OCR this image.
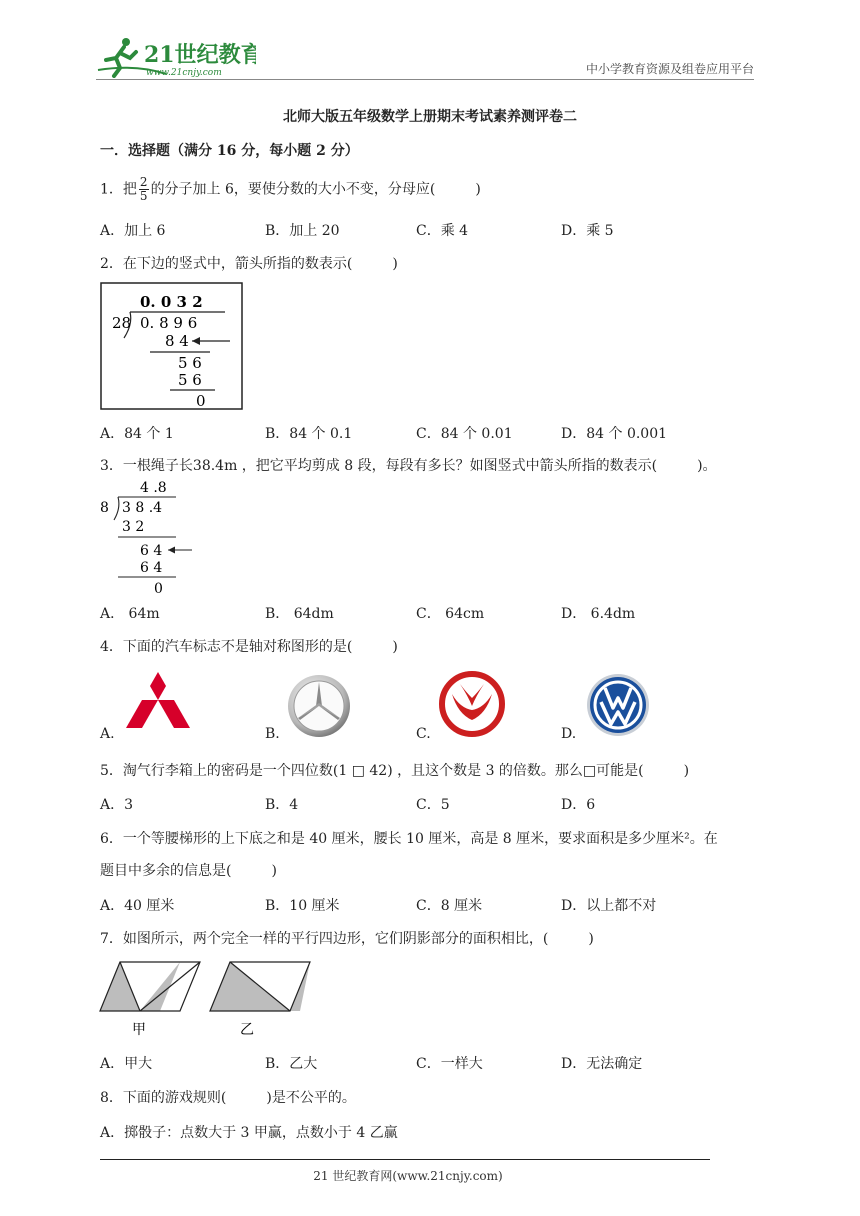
21世纪教育
www.21cnjy.com	中小学教育资源及组卷应用平台
北师大版五年级数学上册期末考试素养测评卷二
一．选择题（满分 16 分，每小题 2 分）
1．把 $\frac{2}{5}$ 的分子加上 6，要使分数的大小不变，分母应(	)
A．加上 6	B．加上 20	C．乘 4	D．乘 5
2．在下边的竖式中，箭头所指的数表示(	)
0. 0 3 2
28 0. 8 9 6
8 4
5 6
5 6
0
A．84 个 1	B．84 个 0.1	C．84 个 0.01	D．84 个 0.001
3．一根绳子长38.4m ，把它平均剪成 8 段，每段有多长？如图竖式中箭头所指的数表示(	)。
4 .8
8 3 8 .4
3 2
6 4
6 4
0
A． 64m	B． 64dm	C． 64cm	D． 6.4dm
4．下面的汽车标志不是轴对称图形的是(	)
A.	B.	C.	D.
5．淘气行李箱上的密码是一个四位数(1 □ 42) ，且这个数是 3 的倍数。那么□可能是(	)
A．3	B．4	C．5	D．6
6．一个等腰梯形的上下底之和是 40 厘米，腰长 10 厘米，高是 8 厘米，要求面积是多少厘米²。在
题目中多余的信息是(	)
A．40 厘米	B．10 厘米	C．8 厘米	D．以上都不对
7．如图所示，两个完全一样的平行四边形，它们阴影部分的面积相比，(	)
甲	乙
A．甲大	B．乙大	C．一样大	D．无法确定
8．下面的游戏规则(	)是不公平的。
A．掷骰子：点数大于 3 甲赢，点数小于 4 乙赢
21 世纪教育网(www.21cnjy.com)
